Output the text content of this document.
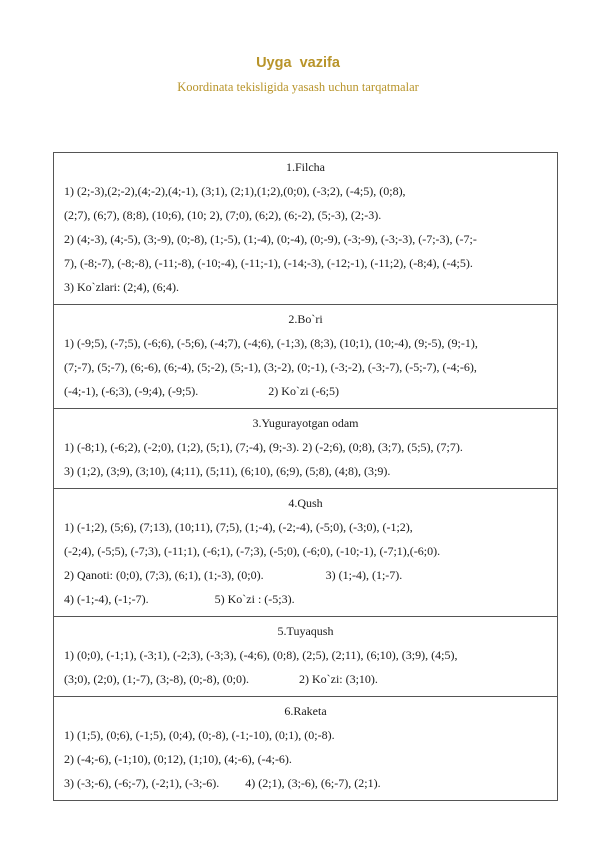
Uyga  vazifa
Koordinata tekisligida yasash uchun tarqatmalar
1.Filcha
1) (2;-3),(2;-2),(4;-2),(4;-1), (3;1), (2;1),(1;2),(0;0), (-3;2), (-4;5), (0;8),
(2;7), (6;7), (8;8), (10;6), (10; 2), (7;0), (6;2), (6;-2), (5;-3), (2;-3).
2) (4;-3), (4;-5), (3;-9), (0;-8), (1;-5), (1;-4), (0;-4), (0;-9), (-3;-9), (-3;-3), (-7;-3), (-7;-
7), (-8;-7), (-8;-8), (-11;-8), (-10;-4), (-11;-1), (-14;-3), (-12;-1), (-11;2), (-8;4), (-4;5).
3) Ko`zlari: (2;4), (6;4).

2.Bo`ri
1) (-9;5), (-7;5), (-6;6), (-5;6), (-4;7), (-4;6), (-1;3), (8;3), (10;1), (10;-4), (9;-5), (9;-1),
(7;-7), (5;-7), (6;-6), (6;-4), (5;-2), (5;-1), (3;-2), (0;-1), (-3;-2), (-3;-7), (-5;-7), (-4;-6),
(-4;-1), (-6;3), (-9;4), (-9;5).	2) Ko`zi (-6;5)

3.Yugurayotgan odam
1) (-8;1), (-6;2), (-2;0), (1;2), (5;1), (7;-4), (9;-3). 2) (-2;6), (0;8), (3;7), (5;5), (7;7).
3) (1;2), (3;9), (3;10), (4;11), (5;11), (6;10), (6;9), (5;8), (4;8), (3;9).

4.Qush
1) (-1;2), (5;6), (7;13), (10;11), (7;5), (1;-4), (-2;-4), (-5;0), (-3;0), (-1;2),
(-2;4), (-5;5), (-7;3), (-11;1), (-6;1), (-7;3), (-5;0), (-6;0), (-10;-1), (-7;1),(-6;0).
2) Qanoti: (0;0), (7;3), (6;1), (1;-3), (0;0).	3) (1;-4), (1;-7).
4) (-1;-4), (-1;-7).	5) Ko`zi : (-5;3).

5.Tuyaqush
1) (0;0), (-1;1), (-3;1), (-2;3), (-3;3), (-4;6), (0;8), (2;5), (2;11), (6;10), (3;9), (4;5),
(3;0), (2;0), (1;-7), (3;-8), (0;-8), (0;0).	2) Ko`zi: (3;10).

6.Raketa
1) (1;5), (0;6), (-1;5), (0;4), (0;-8), (-1;-10), (0;1), (0;-8).
2) (-4;-6), (-1;10), (0;12), (1;10), (4;-6), (-4;-6).
3) (-3;-6), (-6;-7), (-2;1), (-3;-6). 4) (2;1), (3;-6), (6;-7), (2;1).
